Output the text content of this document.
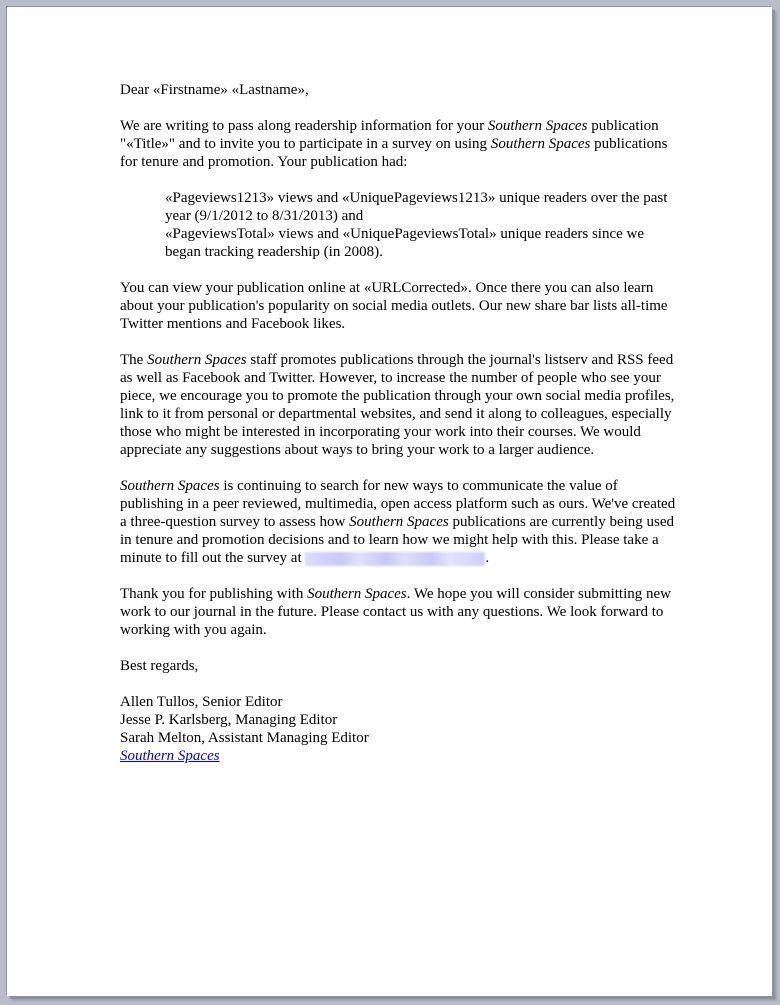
Dear «Firstname» «Lastname»,

We are writing to pass along readership information for your Southern Spaces publication "«Title»" and to invite you to participate in a survey on using Southern Spaces publications for tenure and promotion. Your publication had:

«Pageviews1213» views and «UniquePageviews1213» unique readers over the past year (9/1/2012 to 8/31/2013) and
«PageviewsTotal» views and «UniquePageviewsTotal» unique readers since we began tracking readership (in 2008).

You can view your publication online at «URLCorrected». Once there you can also learn about your publication's popularity on social media outlets. Our new share bar lists all-time Twitter mentions and Facebook likes.

The Southern Spaces staff promotes publications through the journal's listserv and RSS feed as well as Facebook and Twitter. However, to increase the number of people who see your piece, we encourage you to promote the publication through your own social media profiles, link to it from personal or departmental websites, and send it along to colleagues, especially those who might be interested in incorporating your work into their courses. We would appreciate any suggestions about ways to bring your work to a larger audience.

Southern Spaces is continuing to search for new ways to communicate the value of publishing in a peer reviewed, multimedia, open access platform such as ours. We've created a three-question survey to assess how Southern Spaces publications are currently being used in tenure and promotion decisions and to learn how we might help with this. Please take a minute to fill out the survey at	.

Thank you for publishing with Southern Spaces. We hope you will consider submitting new work to our journal in the future. Please contact us with any questions. We look forward to working with you again.

Best regards,

Allen Tullos, Senior Editor

Jesse P. Karlsberg, Managing Editor

Sarah Melton, Assistant Managing Editor

Southern Spaces
